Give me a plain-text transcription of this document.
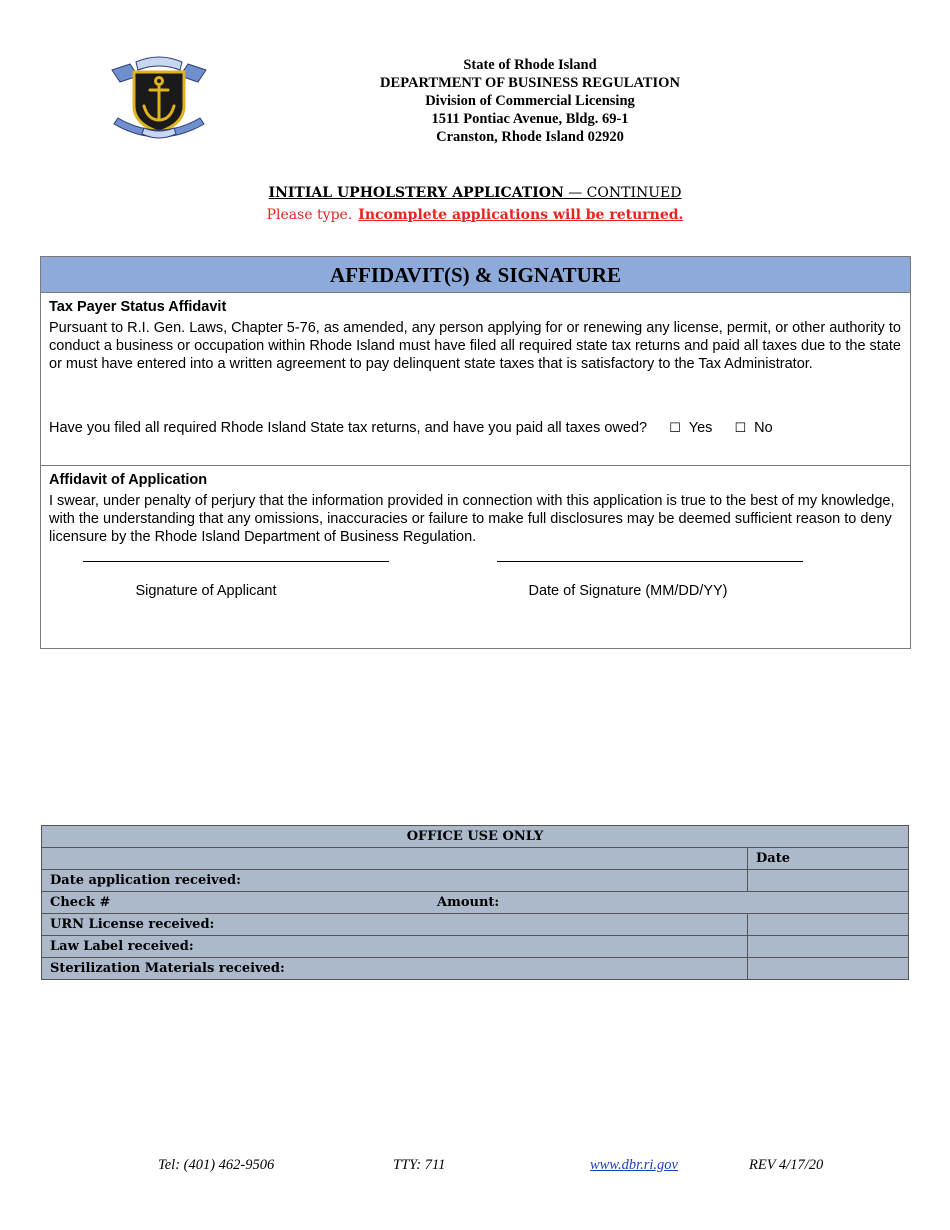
State of Rhode Island
DEPARTMENT OF BUSINESS REGULATION
Division of Commercial Licensing
1511 Pontiac Avenue, Bldg. 69-1
Cranston, Rhode Island 02920
INITIAL UPHOLSTERY APPLICATION — CONTINUED
Please type. Incomplete applications will be returned.
AFFIDAVIT(S) & SIGNATURE
Tax Payer Status Affidavit
Pursuant to R.I. Gen. Laws, Chapter 5-76, as amended, any person applying for or renewing any license, permit, or other authority to conduct a business or occupation within Rhode Island must have filed all required state tax returns and paid all taxes due to the state or must have entered into a written agreement to pay delinquent state taxes that is satisfactory to the Tax Administrator.
Have you filed all required Rhode Island State tax returns, and have you paid all taxes owed? ☐ Yes ☐ No
Affidavit of Application
I swear, under penalty of perjury that the information provided in connection with this application is true to the best of my knowledge, with the understanding that any omissions, inaccuracies or failure to make full disclosures may be deemed sufficient reason to deny licensure by the Rhode Island Department of Business Regulation.
Signature of Applicant	Date of Signature (MM/DD/YY)
OFFICE USE ONLY	
	Date
Date application received:	
Check # Amount:	

URN License received:	
Law Label received:	
Sterilization Materials received:	
Tel: (401) 462-9506	TTY: 711	www.dbr.ri.gov	REV 4/17/20
